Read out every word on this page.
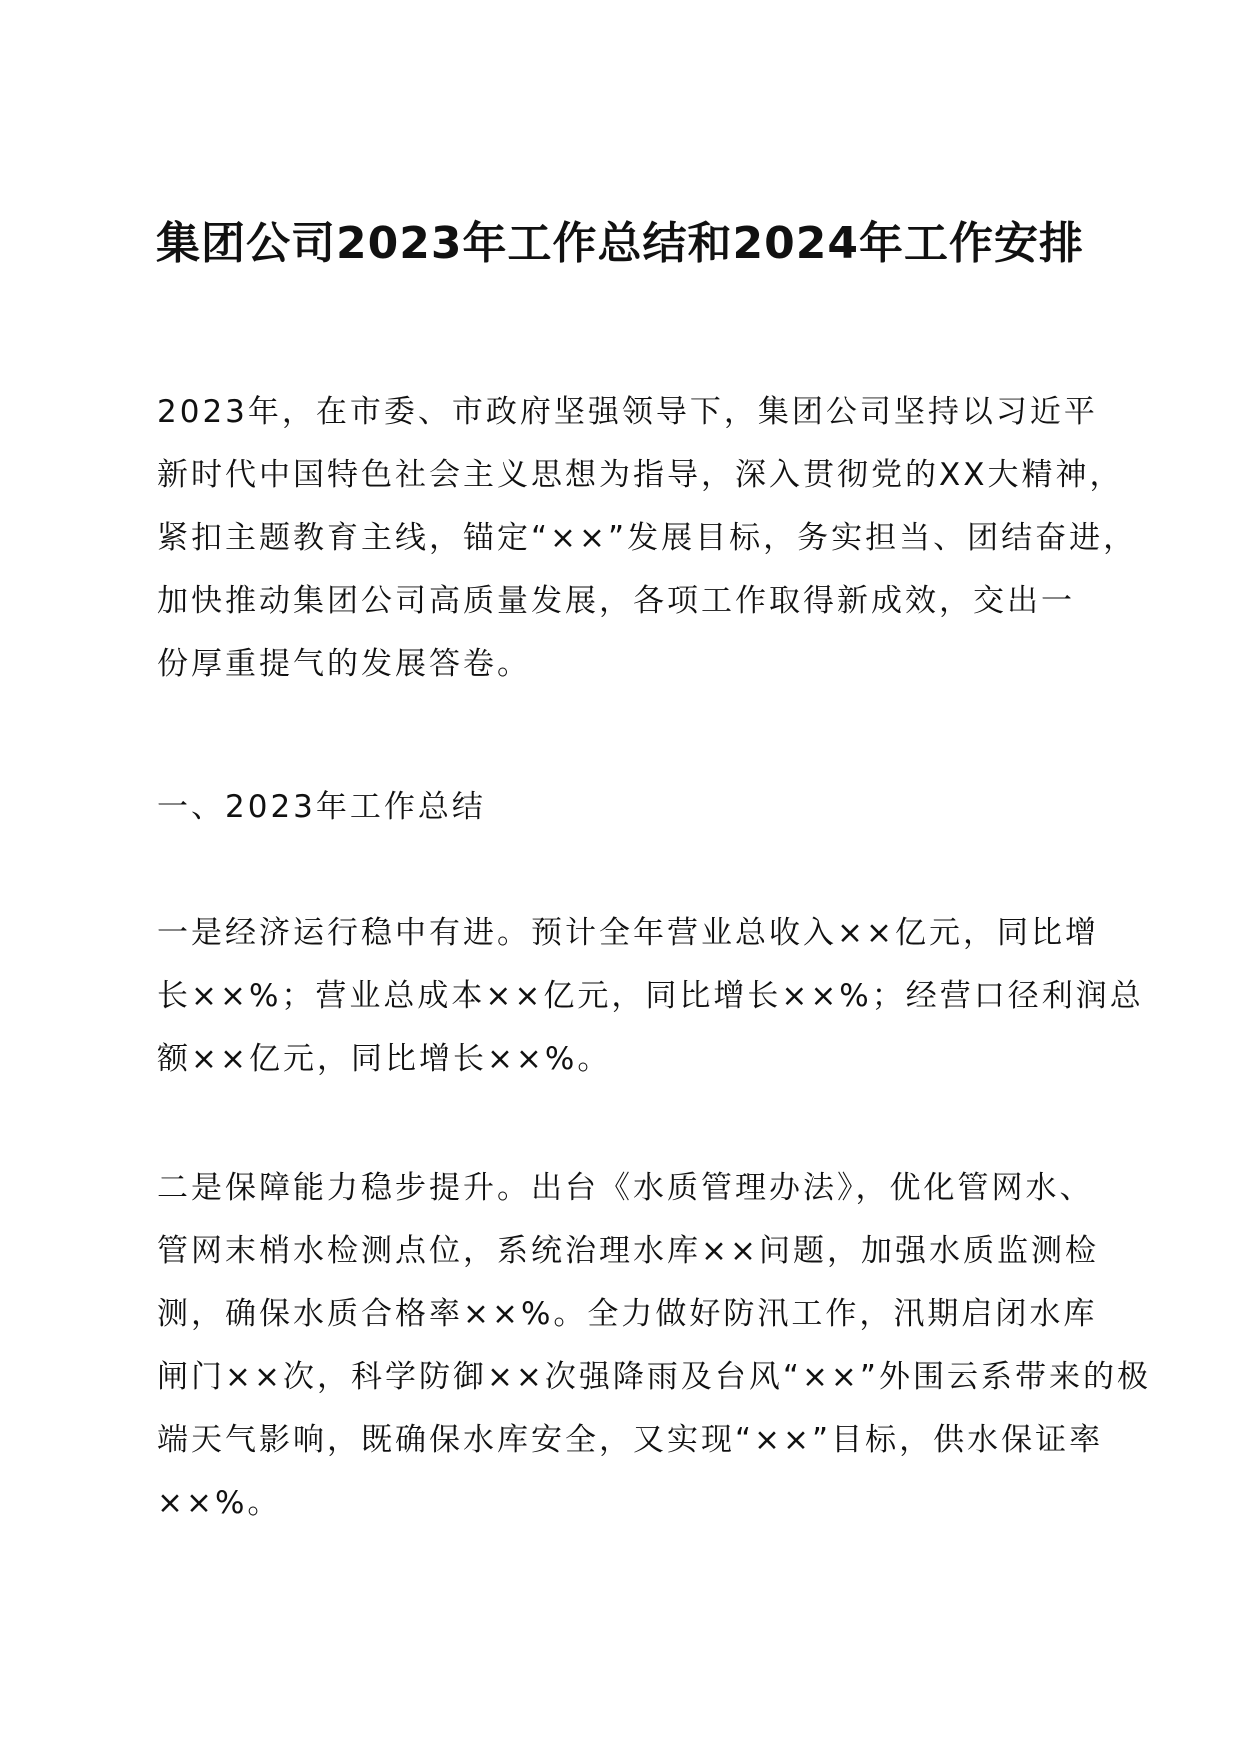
集团公司2023年工作总结和2024年工作安排
2023年，在市委、市政府坚强领导下，集团公司坚持以习近平
新时代中国特色社会主义思想为指导，深入贯彻党的XX大精神，
紧扣主题教育主线，锚定“××”发展目标，务实担当、团结奋进，
加快推动集团公司高质量发展，各项工作取得新成效，交出一
份厚重提气的发展答卷。
一、2023年工作总结
一是经济运行稳中有进。预计全年营业总收入××亿元，同比增
长××%；营业总成本××亿元，同比增长××%；经营口径利润总
额××亿元，同比增长××%。
二是保障能力稳步提升。出台《水质管理办法》，优化管网水、
管网末梢水检测点位，系统治理水库××问题，加强水质监测检
测，确保水质合格率××%。全力做好防汛工作，汛期启闭水库
闸门××次，科学防御××次强降雨及台风“××”外围云系带来的极
端天气影响，既确保水库安全，又实现“××”目标，供水保证率
××%。
